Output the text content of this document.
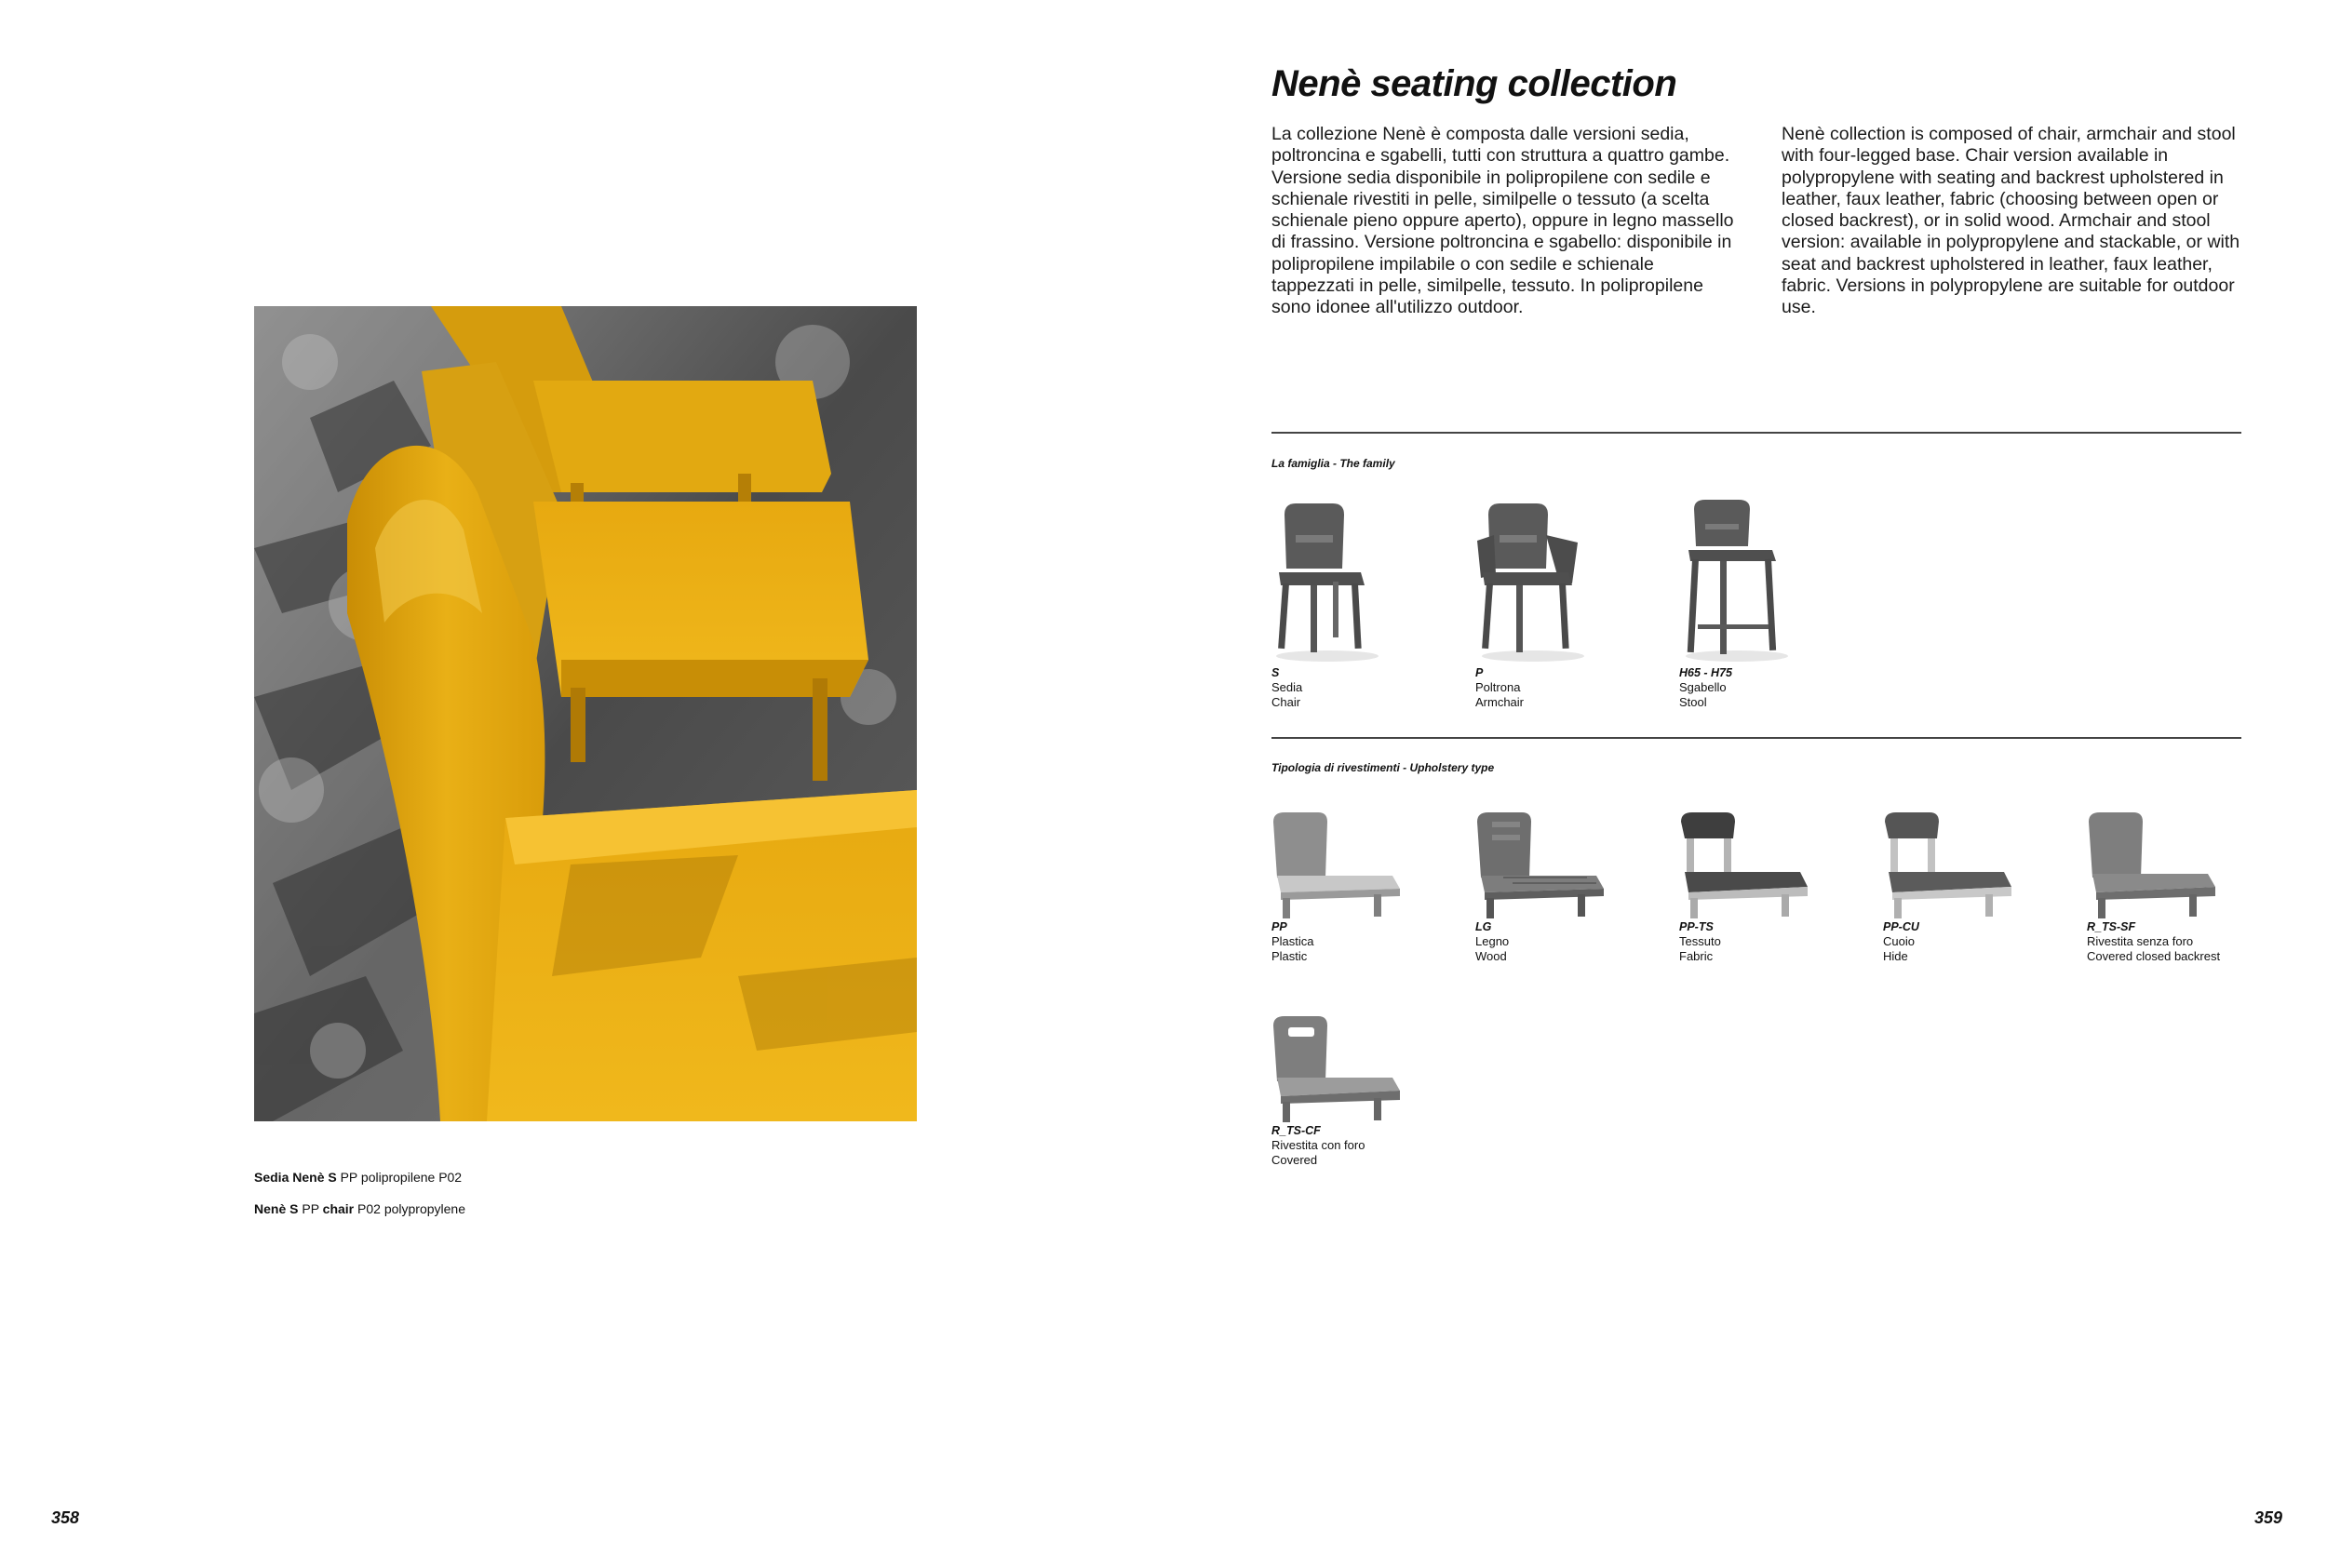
Sedia Nenè S PP polipropilene P02
Nenè S PP chair P02 polypropylene
358
Nenè seating collection
La collezione Nenè è composta dalle versioni sedia, poltroncina e sgabelli, tutti con struttura a quattro gambe. Versione sedia disponibile in polipropilene con sedile e schienale rivestiti in pelle, similpelle o tessuto (a scelta schienale pieno oppure aperto), oppure in legno massello di frassino. Versione poltroncina e sgabello: disponibile in polipropilene impilabile o con sedile e schienale tappezzati in pelle, similpelle, tessuto. In polipropilene sono idonee all'utilizzo outdoor.
Nenè collection is composed of chair, armchair and stool with four-legged base. Chair version available in polypropylene with seating and backrest upholstered in leather, faux leather, fabric (choosing between open or closed backrest), or in solid wood. Armchair and stool version: available in polypropylene and stackable, or with seat and backrest upholstered in leather, faux leather, fabric. Versions in polypropylene are suitable for outdoor use.
La famiglia - The family
S
Sedia
Chair
P
Poltrona
Armchair
H65 - H75
Sgabello
Stool
Tipologia di rivestimenti - Upholstery type
PP
Plastica
Plastic
LG
Legno
Wood
PP-TS
Tessuto
Fabric
PP-CU
Cuoio
Hide
R_TS-SF
Rivestita senza foro
Covered closed backrest
R_TS-CF
Rivestita con foro
Covered
359
